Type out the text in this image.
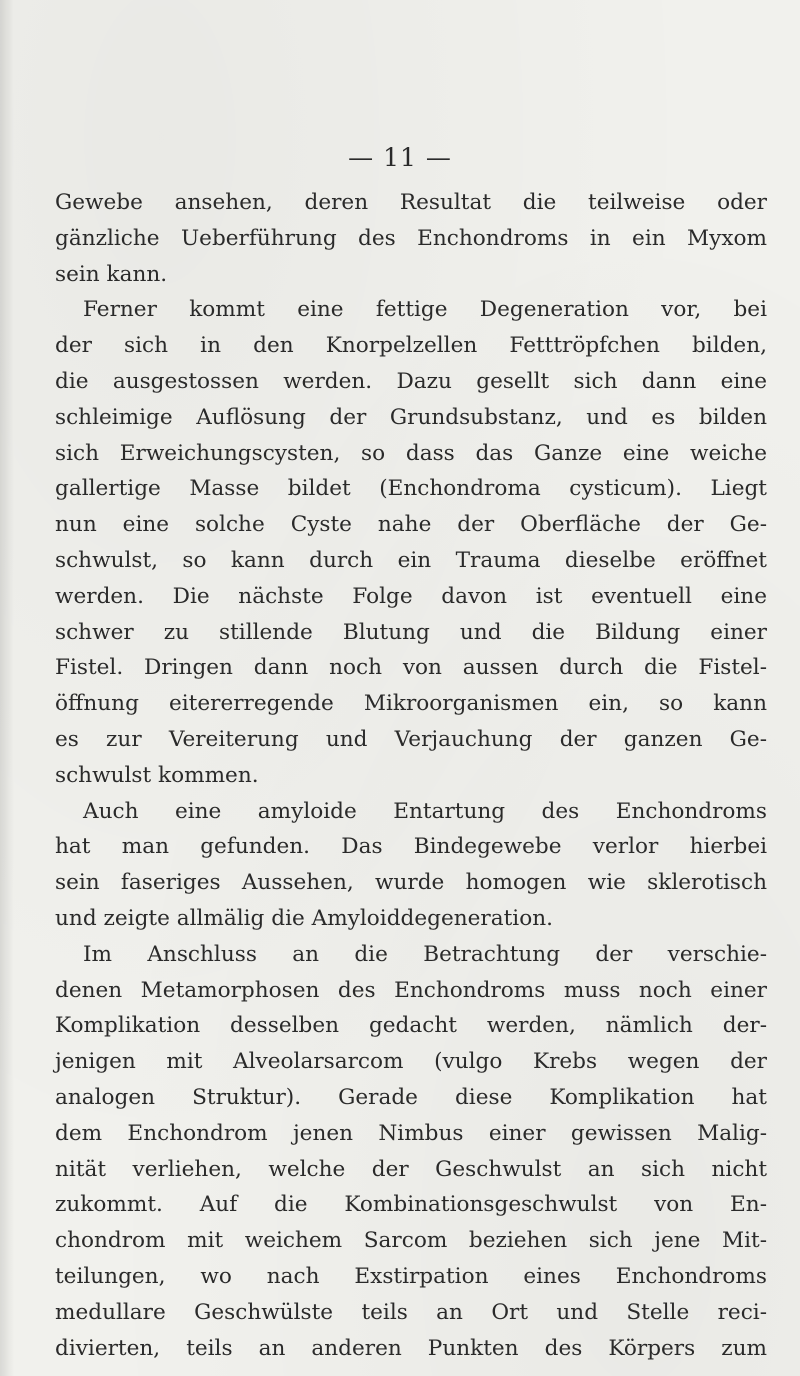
— 11 —
Gewebe ansehen, deren Resultat die teilweise oder
gänzliche Ueberführung des Enchondroms in ein Myxom
sein kann.
Ferner kommt eine fettige Degeneration vor, bei
der sich in den Knorpelzellen Fetttröpfchen bilden,
die ausgestossen werden. Dazu gesellt sich dann eine
schleimige Auflösung der Grundsubstanz, und es bilden
sich Erweichungscysten, so dass das Ganze eine weiche
gallertige Masse bildet (Enchondroma cysticum). Liegt
nun eine solche Cyste nahe der Oberfläche der Ge-
schwulst, so kann durch ein Trauma dieselbe eröffnet
werden. Die nächste Folge davon ist eventuell eine
schwer zu stillende Blutung und die Bildung einer
Fistel. Dringen dann noch von aussen durch die Fistel-
öffnung eitererregende Mikroorganismen ein, so kann
es zur Vereiterung und Verjauchung der ganzen Ge-
schwulst kommen.
Auch eine amyloide Entartung des Enchondroms
hat man gefunden. Das Bindegewebe verlor hierbei
sein faseriges Aussehen, wurde homogen wie sklerotisch
und zeigte allmälig die Amyloiddegeneration.
Im Anschluss an die Betrachtung der verschie-
denen Metamorphosen des Enchondroms muss noch einer
Komplikation desselben gedacht werden, nämlich der-
jenigen mit Alveolarsarcom (vulgo Krebs wegen der
analogen Struktur). Gerade diese Komplikation hat
dem Enchondrom jenen Nimbus einer gewissen Malig-
nität verliehen, welche der Geschwulst an sich nicht
zukommt. Auf die Kombinationsgeschwulst von En-
chondrom mit weichem Sarcom beziehen sich jene Mit-
teilungen, wo nach Exstirpation eines Enchondroms
medullare Geschwülste teils an Ort und Stelle reci-
divierten, teils an anderen Punkten des Körpers zum
